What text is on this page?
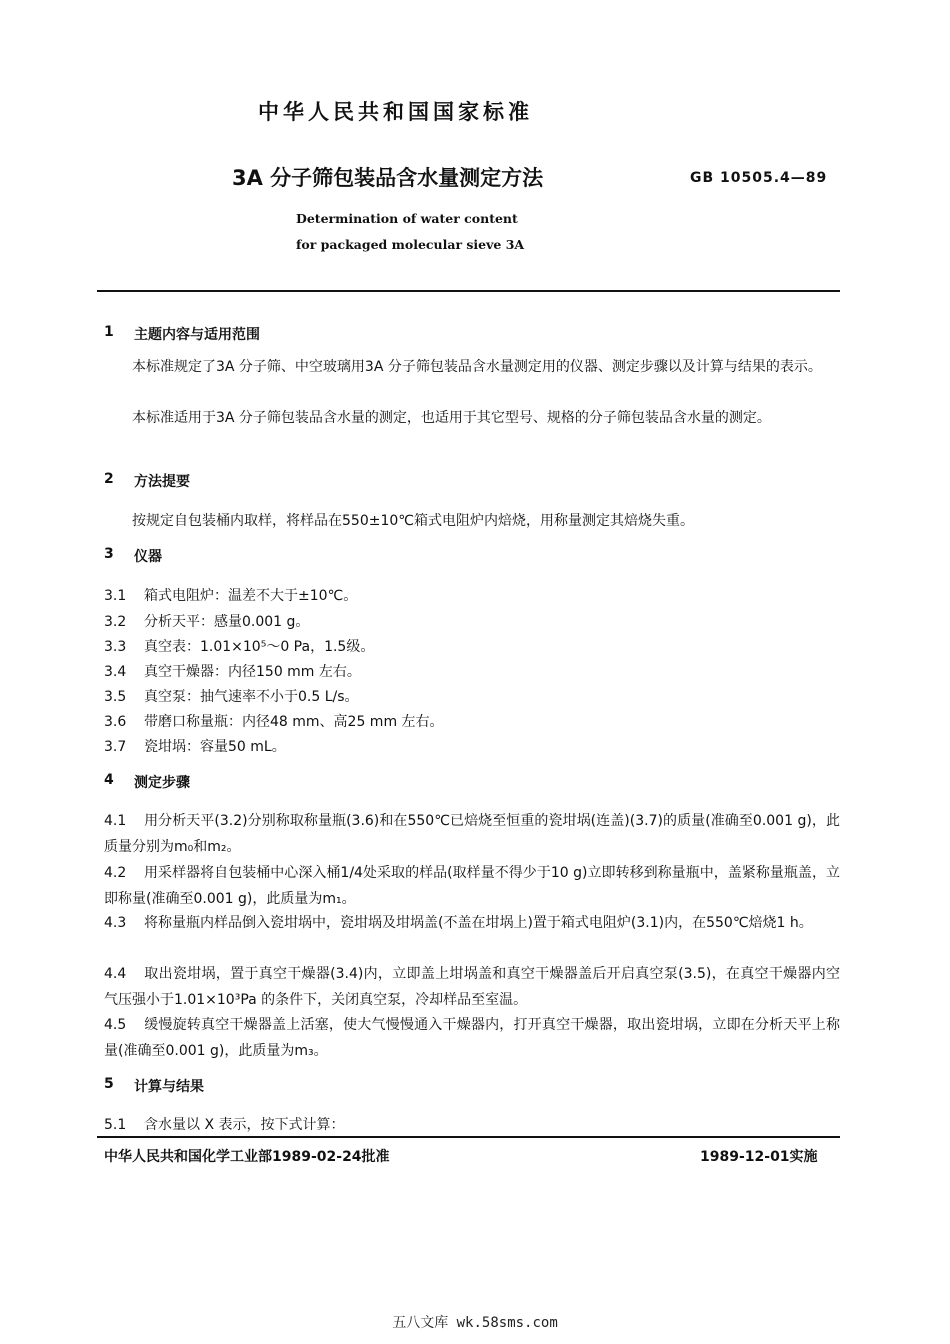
中华人民共和国国家标准
3A 分子筛包装品含水量测定方法	GB 10505.4—89
Determination of water content
for packaged molecular sieve 3A
1 主题内容与适用范围
本标准规定了3A 分子筛、中空玻璃用3A 分子筛包装品含水量测定用的仪器、测定步骤以及计算与结果的表示。
本标准适用于3A 分子筛包装品含水量的测定，也适用于其它型号、规格的分子筛包装品含水量的测定。
2 方法提要
按规定自包装桶内取样，将样品在550±10℃箱式电阻炉内焙烧，用称量测定其焙烧失重。
3 仪器
3.1 箱式电阻炉：温差不大于±10℃。
3.2 分析天平：感量0.001 g。
3.3 真空表：1.01×10⁵～0 Pa，1.5级。
3.4 真空干燥器：内径150 mm 左右。
3.5 真空泵：抽气速率不小于0.5 L/s。
3.6 带磨口称量瓶：内径48 mm、高25 mm 左右。
3.7 瓷坩埚：容量50 mL。
4 测定步骤
4.1 用分析天平(3.2)分别称取称量瓶(3.6)和在550℃已焙烧至恒重的瓷坩埚(连盖)(3.7)的质量(准确至0.001 g)，此质量分别为m₀和m₂。
4.2 用采样器将自包装桶中心深入桶1/4处采取的样品(取样量不得少于10 g)立即转移到称量瓶中，盖紧称量瓶盖，立即称量(准确至0.001 g)，此质量为m₁。
4.3 将称量瓶内样品倒入瓷坩埚中，瓷坩埚及坩埚盖(不盖在坩埚上)置于箱式电阻炉(3.1)内，在550℃焙烧1 h。
4.4 取出瓷坩埚，置于真空干燥器(3.4)内，立即盖上坩埚盖和真空干燥器盖后开启真空泵(3.5)，在真空干燥器内空气压强小于1.01×10³Pa 的条件下，关闭真空泵，冷却样品至室温。
4.5 缓慢旋转真空干燥器盖上活塞，使大气慢慢通入干燥器内，打开真空干燥器，取出瓷坩埚，立即在分析天平上称量(准确至0.001 g)，此质量为m₃。
5 计算与结果
5.1 含水量以 X 表示，按下式计算：
中华人民共和国化学工业部1989-02-24批准	1989-12-01实施
五八文库 wk.58sms.com
